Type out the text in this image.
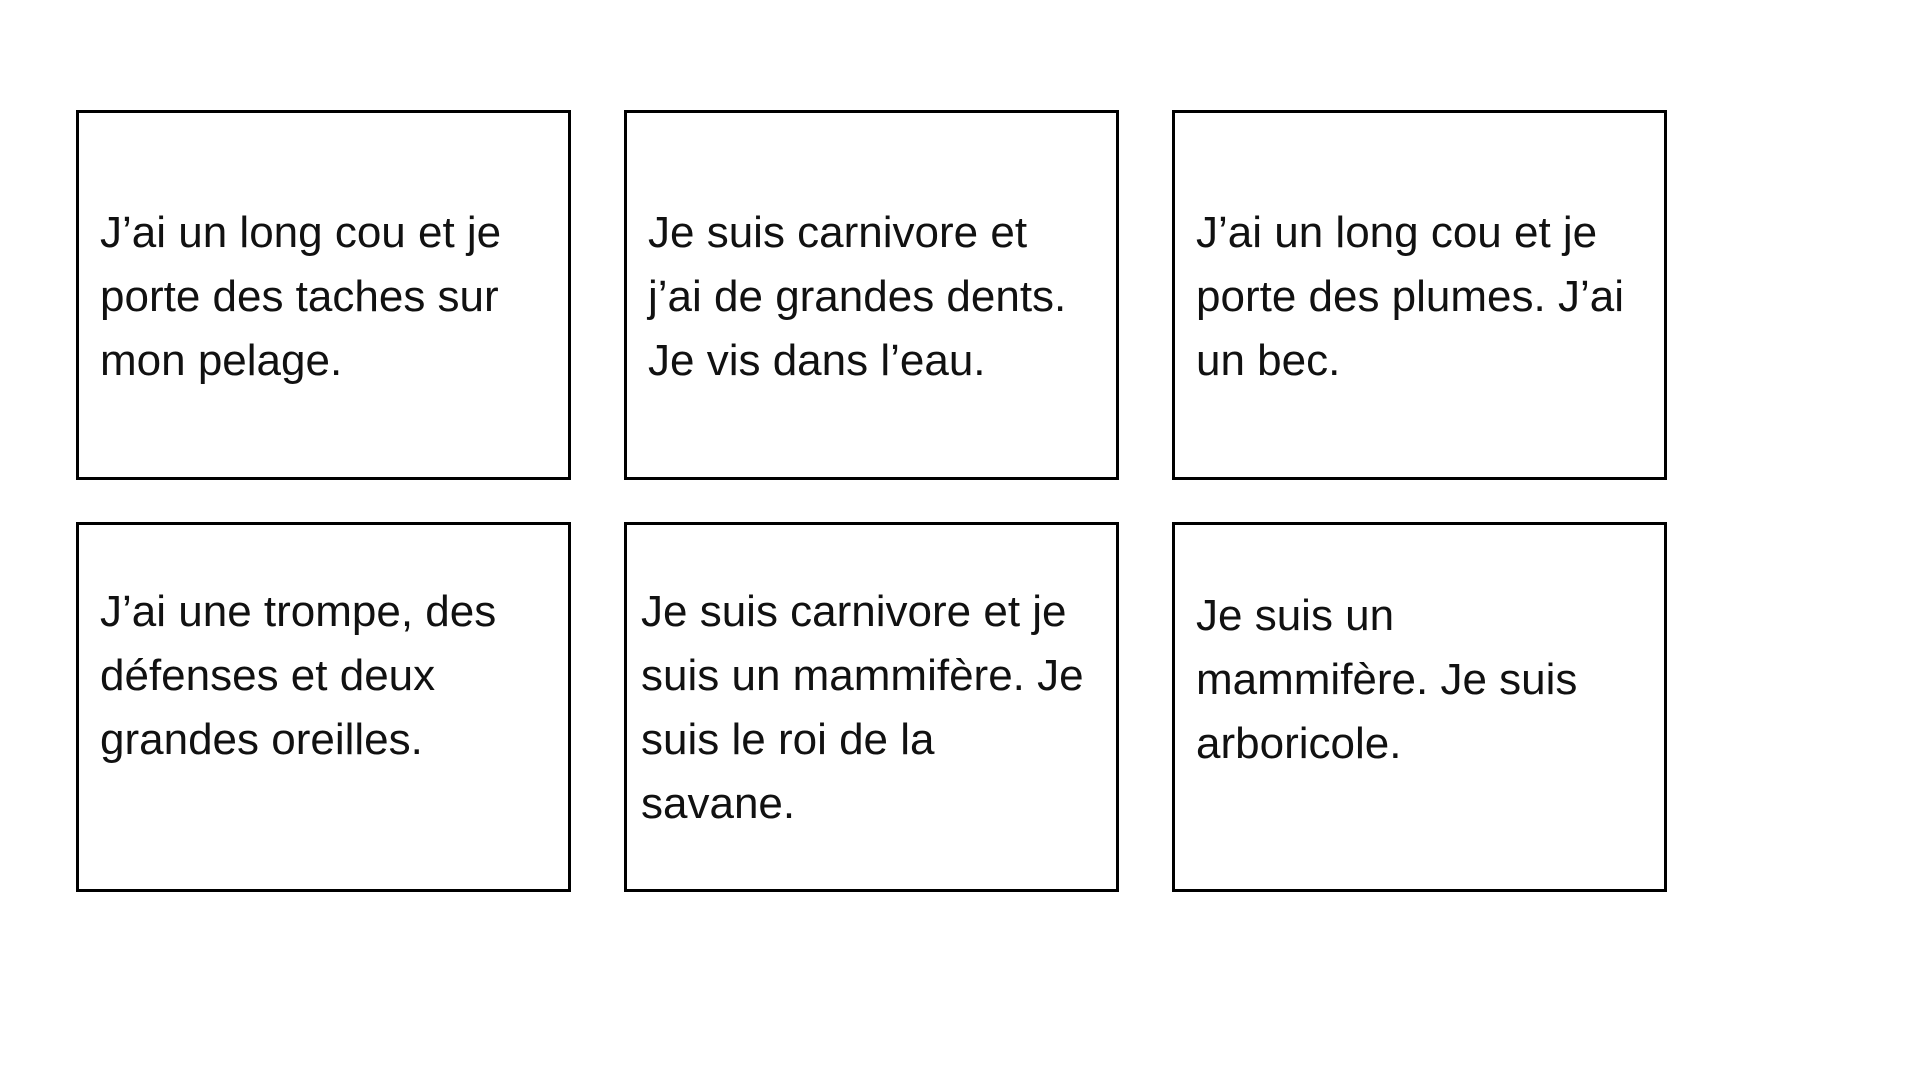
J’ai un long cou et je
porte des taches sur
mon pelage.
Je suis carnivore et
j’ai de grandes dents.
Je vis dans l’eau.
J’ai un long cou et je
porte des plumes. J’ai
un bec.
J’ai une trompe, des
défenses et deux
grandes oreilles.
Je suis carnivore et je
suis un mammifère. Je
suis le roi de la
savane.
Je suis un
mammifère. Je suis
arboricole.
